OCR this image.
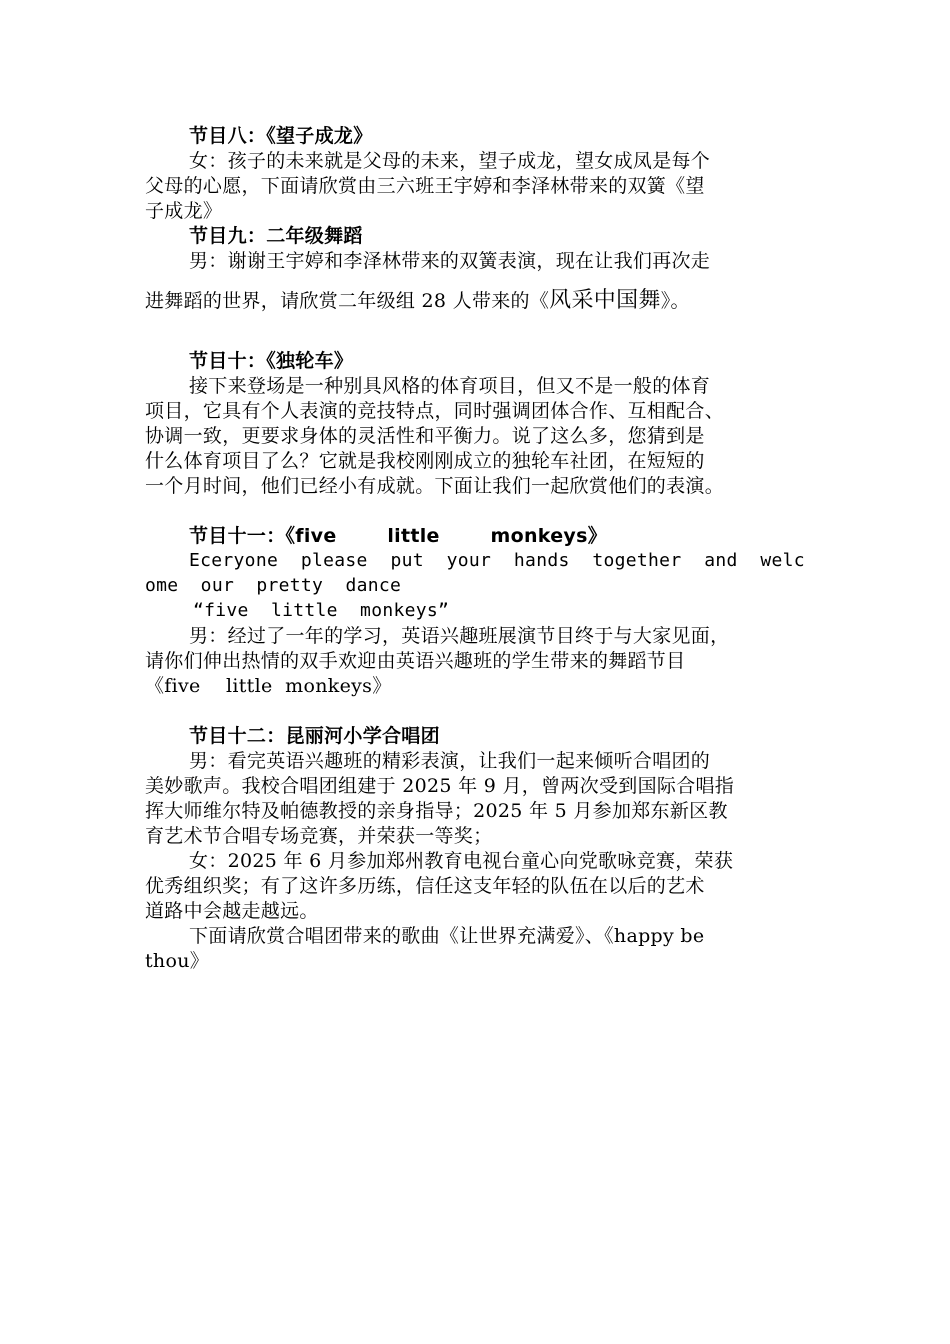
节目八：《望子成龙》
女：孩子的未来就是父母的未来，望子成龙，望女成凤是每个
父母的心愿，下面请欣赏由三六班王宇婷和李泽林带来的双簧《望
子成龙》
节目九：二年级舞蹈
男：谢谢王宇婷和李泽林带来的双簧表演，现在让我们再次走
进舞蹈的世界，请欣赏二年级组 28 人带来的《风采中国舞》。
节目十：《独轮车》
接下来登场是一种别具风格的体育项目，但又不是一般的体育
项目，它具有个人表演的竞技特点，同时强调团体合作、互相配合、
协调一致，更要求身体的灵活性和平衡力。说了这么多，您猜到是
什么体育项目了么？它就是我校刚刚成立的独轮车社团，在短短的
一个月时间，他们已经小有成就。下面让我们一起欣赏他们的表演。
节目十一：《five	little	monkeys》
Eceryone please put your hands together and welc
ome  our  pretty  dance
“five  little  monkeys”
男：经过了一年的学习，英语兴趣班展演节目终于与大家见面，
请你们伸出热情的双手欢迎由英语兴趣班的学生带来的舞蹈节目
《five    little  monkeys》
节目十二：昆丽河小学合唱团
男：看完英语兴趣班的精彩表演，让我们一起来倾听合唱团的
美妙歌声。我校合唱团组建于 2025 年 9 月，曾两次受到国际合唱指
挥大师维尔特及帕德教授的亲身指导；2025 年 5 月参加郑东新区教
育艺术节合唱专场竞赛，并荣获一等奖；
女：2025 年 6 月参加郑州教育电视台童心向党歌咏竞赛，荣获
优秀组织奖；有了这许多历练，信任这支年轻的队伍在以后的艺术
道路中会越走越远。
下面请欣赏合唱团带来的歌曲《让世界充满爱》、《happy be
thou》
